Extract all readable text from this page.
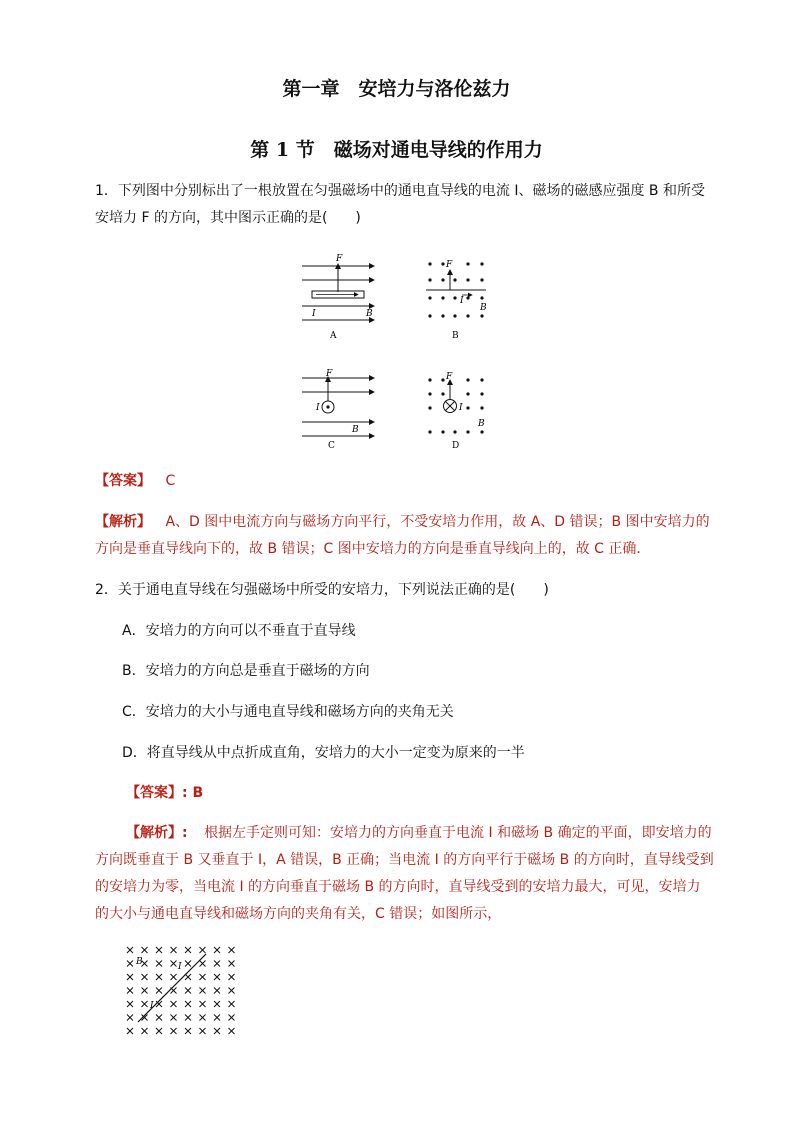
第一章　安培力与洛伦兹力
第 1 节　磁场对通电导线的作用力
1．下列图中分别标出了一根放置在匀强磁场中的通电直导线的电流 I、磁场的磁感应强度 B 和所受
安培力 F 的方向，其中图示正确的是(　　)
F
I	B
A
F
I
B
B
F
I
B
C
F
I
B
D
【答案】 C
【解析】 A、D 图中电流方向与磁场方向平行，不受安培力作用，故 A、D 错误；B 图中安培力的
方向是垂直导线向下的，故 B 错误；C 图中安培力的方向是垂直导线向上的，故 C 正确．
2．关于通电直导线在匀强磁场中所受的安培力，下列说法正确的是(　　)
A．安培力的方向可以不垂直于直导线
B．安培力的方向总是垂直于磁场的方向
C．安培力的大小与通电直导线和磁场方向的夹角无关
D．将直导线从中点折成直角，安培力的大小一定变为原来的一半
【答案】: B
【解析】: 根据左手定则可知：安培力的方向垂直于电流 I 和磁场 B 确定的平面，即安培力的
方向既垂直于 B 又垂直于 I，A 错误，B 正确；当电流 I 的方向平行于磁场 B 的方向时，直导线受到
的安培力为零，当电流 I 的方向垂直于磁场 B 的方向时，直导线受到的安培力最大，可见，安培力
的大小与通电直导线和磁场方向的夹角有关，C 错误；如图所示，
B	I
I
